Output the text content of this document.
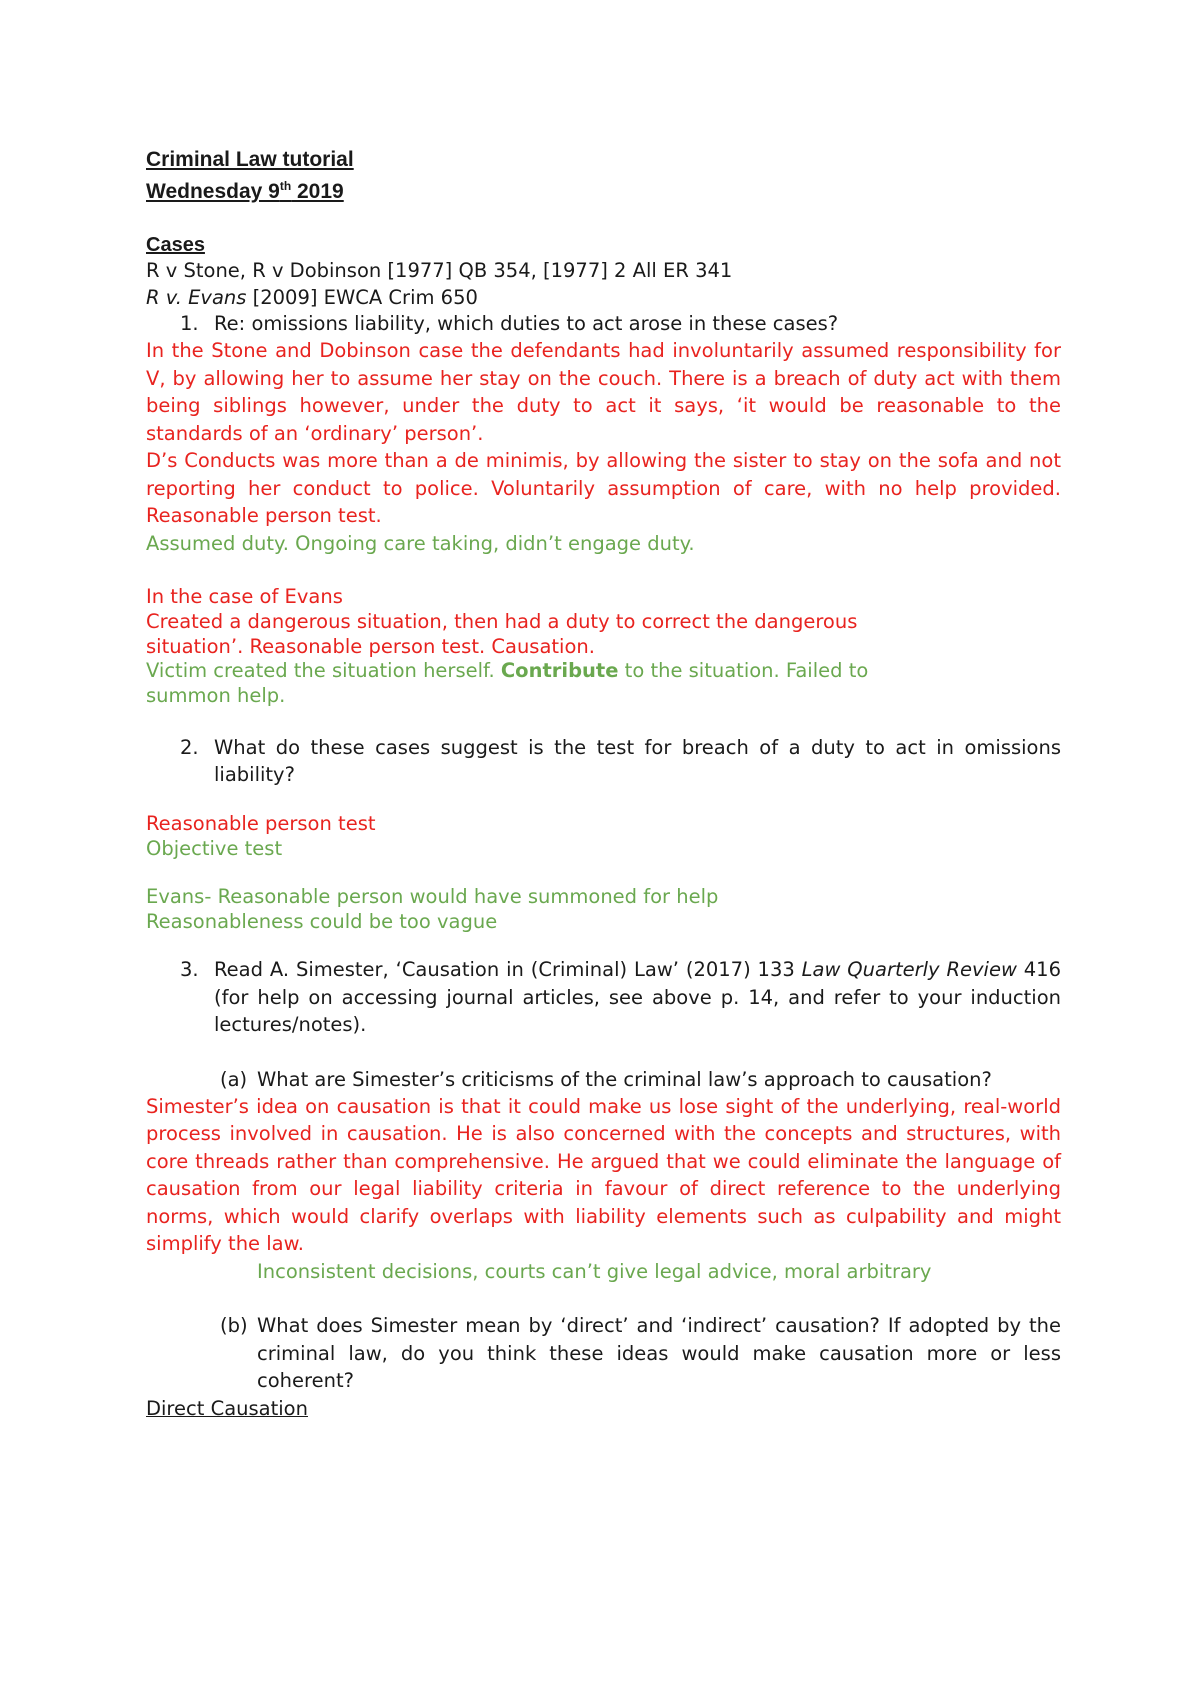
Criminal Law tutorial
Wednesday 9th 2019
Cases
R v Stone, R v Dobinson [1977] QB 354, [1977] 2 All ER 341
R v. Evans [2009] EWCA Crim 650
1. Re: omissions liability, which duties to act arose in these cases?
In the Stone and Dobinson case the defendants had involuntarily assumed responsibility for V, by allowing her to assume her stay on the couch. There is a breach of duty act with them being siblings however, under the duty to act it says, ‘it would be reasonable to the standards of an ‘ordinary’ person’.
D’s Conducts was more than a de minimis, by allowing the sister to stay on the sofa and not reporting her conduct to police. Voluntarily assumption of care, with no help provided. Reasonable person test.
Assumed duty. Ongoing care taking, didn’t engage duty.
In the case of Evans
Created a dangerous situation, then had a duty to correct the dangerous situation’. Reasonable person test. Causation.
Victim created the situation herself. Contribute to the situation. Failed to summon help.
2. What do these cases suggest is the test for breach of a duty to act in omissions liability?
Reasonable person test
Objective test
Evans- Reasonable person would have summoned for help
Reasonableness could be too vague
3. Read A. Simester, ‘Causation in (Criminal) Law’ (2017) 133 Law Quarterly Review 416 (for help on accessing journal articles, see above p. 14, and refer to your induction lectures/notes).
(a) What are Simester’s criticisms of the criminal law’s approach to causation?
Simester’s idea on causation is that it could make us lose sight of the underlying, real-world process involved in causation. He is also concerned with the concepts and structures, with core threads rather than comprehensive. He argued that we could eliminate the language of causation from our legal liability criteria in favour of direct reference to the underlying norms, which would clarify overlaps with liability elements such as culpability and might simplify the law.
Inconsistent decisions, courts can’t give legal advice, moral arbitrary
(b) What does Simester mean by ‘direct’ and ‘indirect’ causation? If adopted by the criminal law, do you think these ideas would make causation more or less coherent?
Direct Causation
